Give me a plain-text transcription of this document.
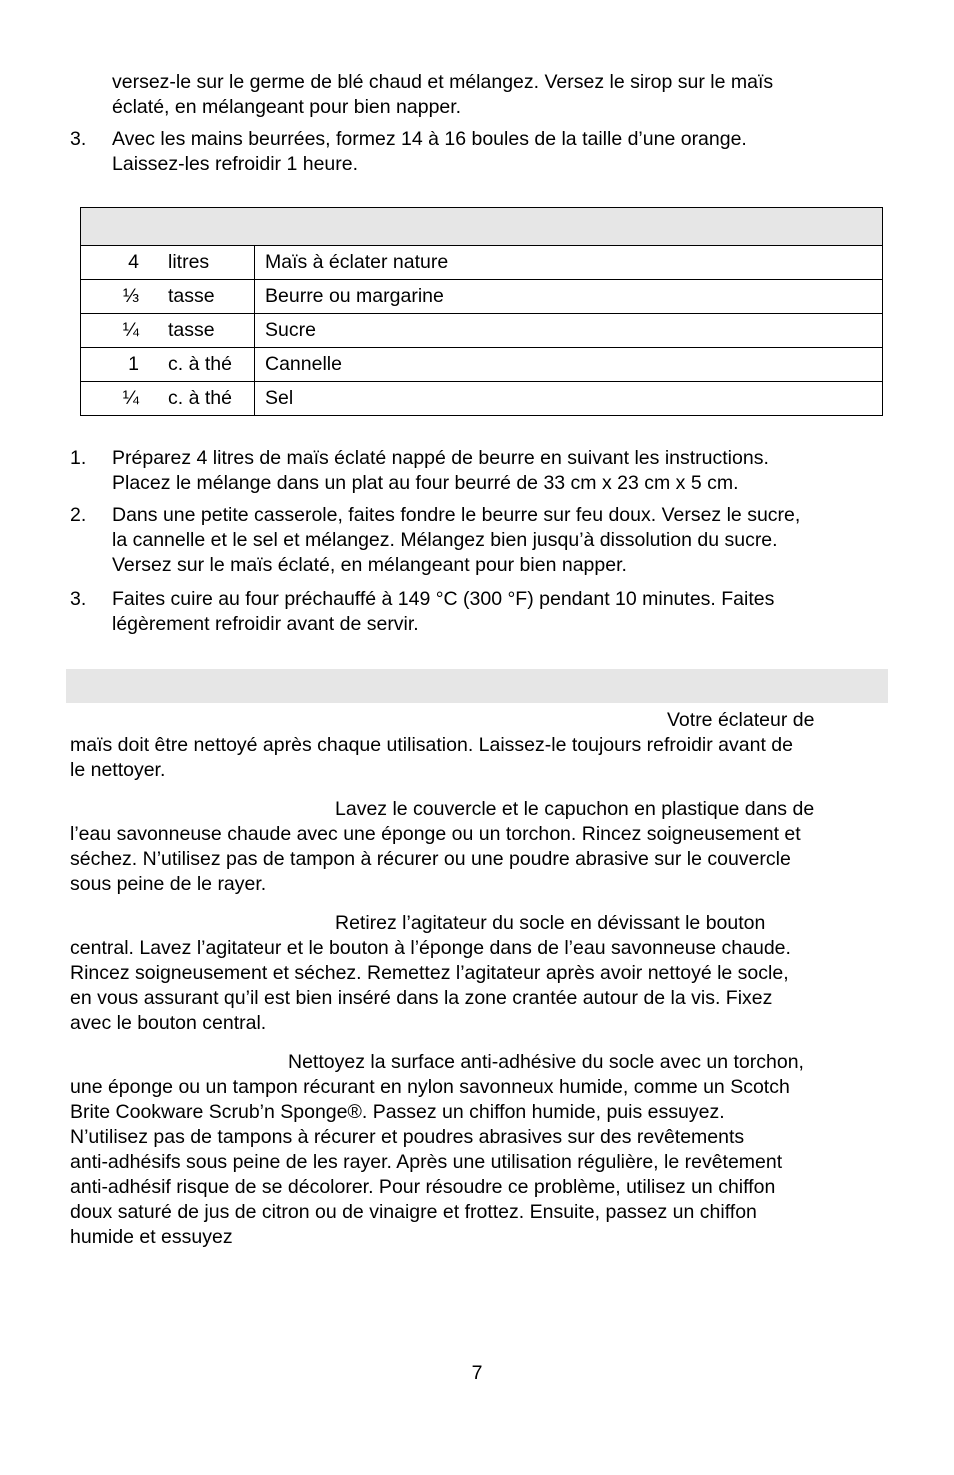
versez-le sur le germe de blé chaud et mélangez. Versez le sirop sur le maïs
éclaté, en mélangeant pour bien napper.
3. Avec les mains beurrées, formez 14 à 16 boules de la taille d’une orange.
Laissez-les refroidir 1 heure.

4	litres	Maïs à éclater nature
⅓	tasse	Beurre ou margarine
¼	tasse	Sucre
1	c. à thé	Cannelle
¼	c. à thé	Sel
1. Préparez 4 litres de maïs éclaté nappé de beurre en suivant les instructions.
Placez le mélange dans un plat au four beurré de 33 cm x 23 cm x 5 cm.
2. Dans une petite casserole, faites fondre le beurre sur feu doux. Versez le sucre,
la cannelle et le sel et mélangez. Mélangez bien jusqu’à dissolution du sucre.
Versez sur le maïs éclaté, en mélangeant pour bien napper.
3. Faites cuire au four préchauffé à 149 °C (300 °F) pendant 10 minutes. Faites
légèrement refroidir avant de servir.
Votre éclateur de
maïs doit être nettoyé après chaque utilisation. Laissez-le toujours refroidir avant de
le nettoyer.
Lavez le couvercle et le capuchon en plastique dans de
l’eau savonneuse chaude avec une éponge ou un torchon. Rincez soigneusement et
séchez. N’utilisez pas de tampon à récurer ou une poudre abrasive sur le couvercle
sous peine de le rayer.
Retirez l’agitateur du socle en dévissant le bouton
central. Lavez l’agitateur et le bouton à l’éponge dans de l’eau savonneuse chaude.
Rincez soigneusement et séchez. Remettez l’agitateur après avoir nettoyé le socle,
en vous assurant qu’il est bien inséré dans la zone crantée autour de la vis. Fixez
avec le bouton central.
Nettoyez la surface anti-adhésive du socle avec un torchon,
une éponge ou un tampon récurant en nylon savonneux humide, comme un Scotch
Brite Cookware Scrub’n Sponge®. Passez un chiffon humide, puis essuyez.
N’utilisez pas de tampons à récurer et poudres abrasives sur des revêtements
anti-adhésifs sous peine de les rayer. Après une utilisation régulière, le revêtement
anti-adhésif risque de se décolorer. Pour résoudre ce problème, utilisez un chiffon
doux saturé de jus de citron ou de vinaigre et frottez. Ensuite, passez un chiffon
humide et essuyez
7
